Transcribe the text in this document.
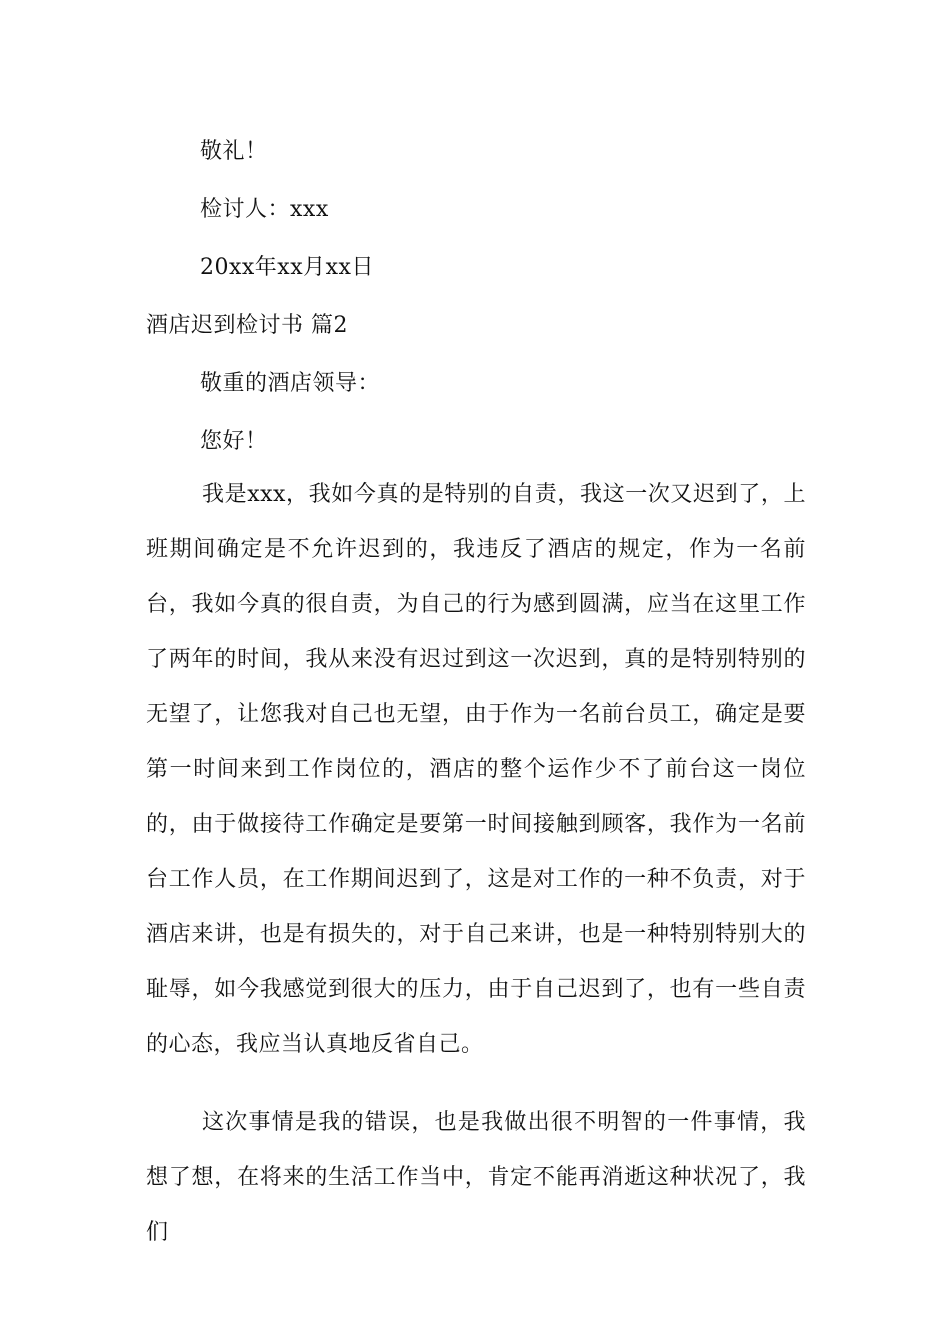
敬礼！
检讨人：xxx
20xx年xx月xx日
酒店迟到检讨书 篇2
敬重的酒店领导：
您好！
我是xxx，我如今真的是特别的自责，我这一次又迟到了，上班期间确定是不允许迟到的，我违反了酒店的规定，作为一名前台，我如今真的很自责，为自己的行为感到圆满，应当在这里工作了两年的时间，我从来没有迟过到这一次迟到，真的是特别特别的无望了，让您我对自己也无望，由于作为一名前台员工，确定是要第一时间来到工作岗位的，酒店的整个运作少不了前台这一岗位的，由于做接待工作确定是要第一时间接触到顾客，我作为一名前台工作人员，在工作期间迟到了，这是对工作的一种不负责，对于酒店来讲，也是有损失的，对于自己来讲，也是一种特别特别大的耻辱，如今我感觉到很大的压力，由于自己迟到了，也有一些自责的心态，我应当认真地反省自己。
这次事情是我的错误，也是我做出很不明智的一件事情，我想了想，在将来的生活工作当中，肯定不能再消逝这种状况了，我们
